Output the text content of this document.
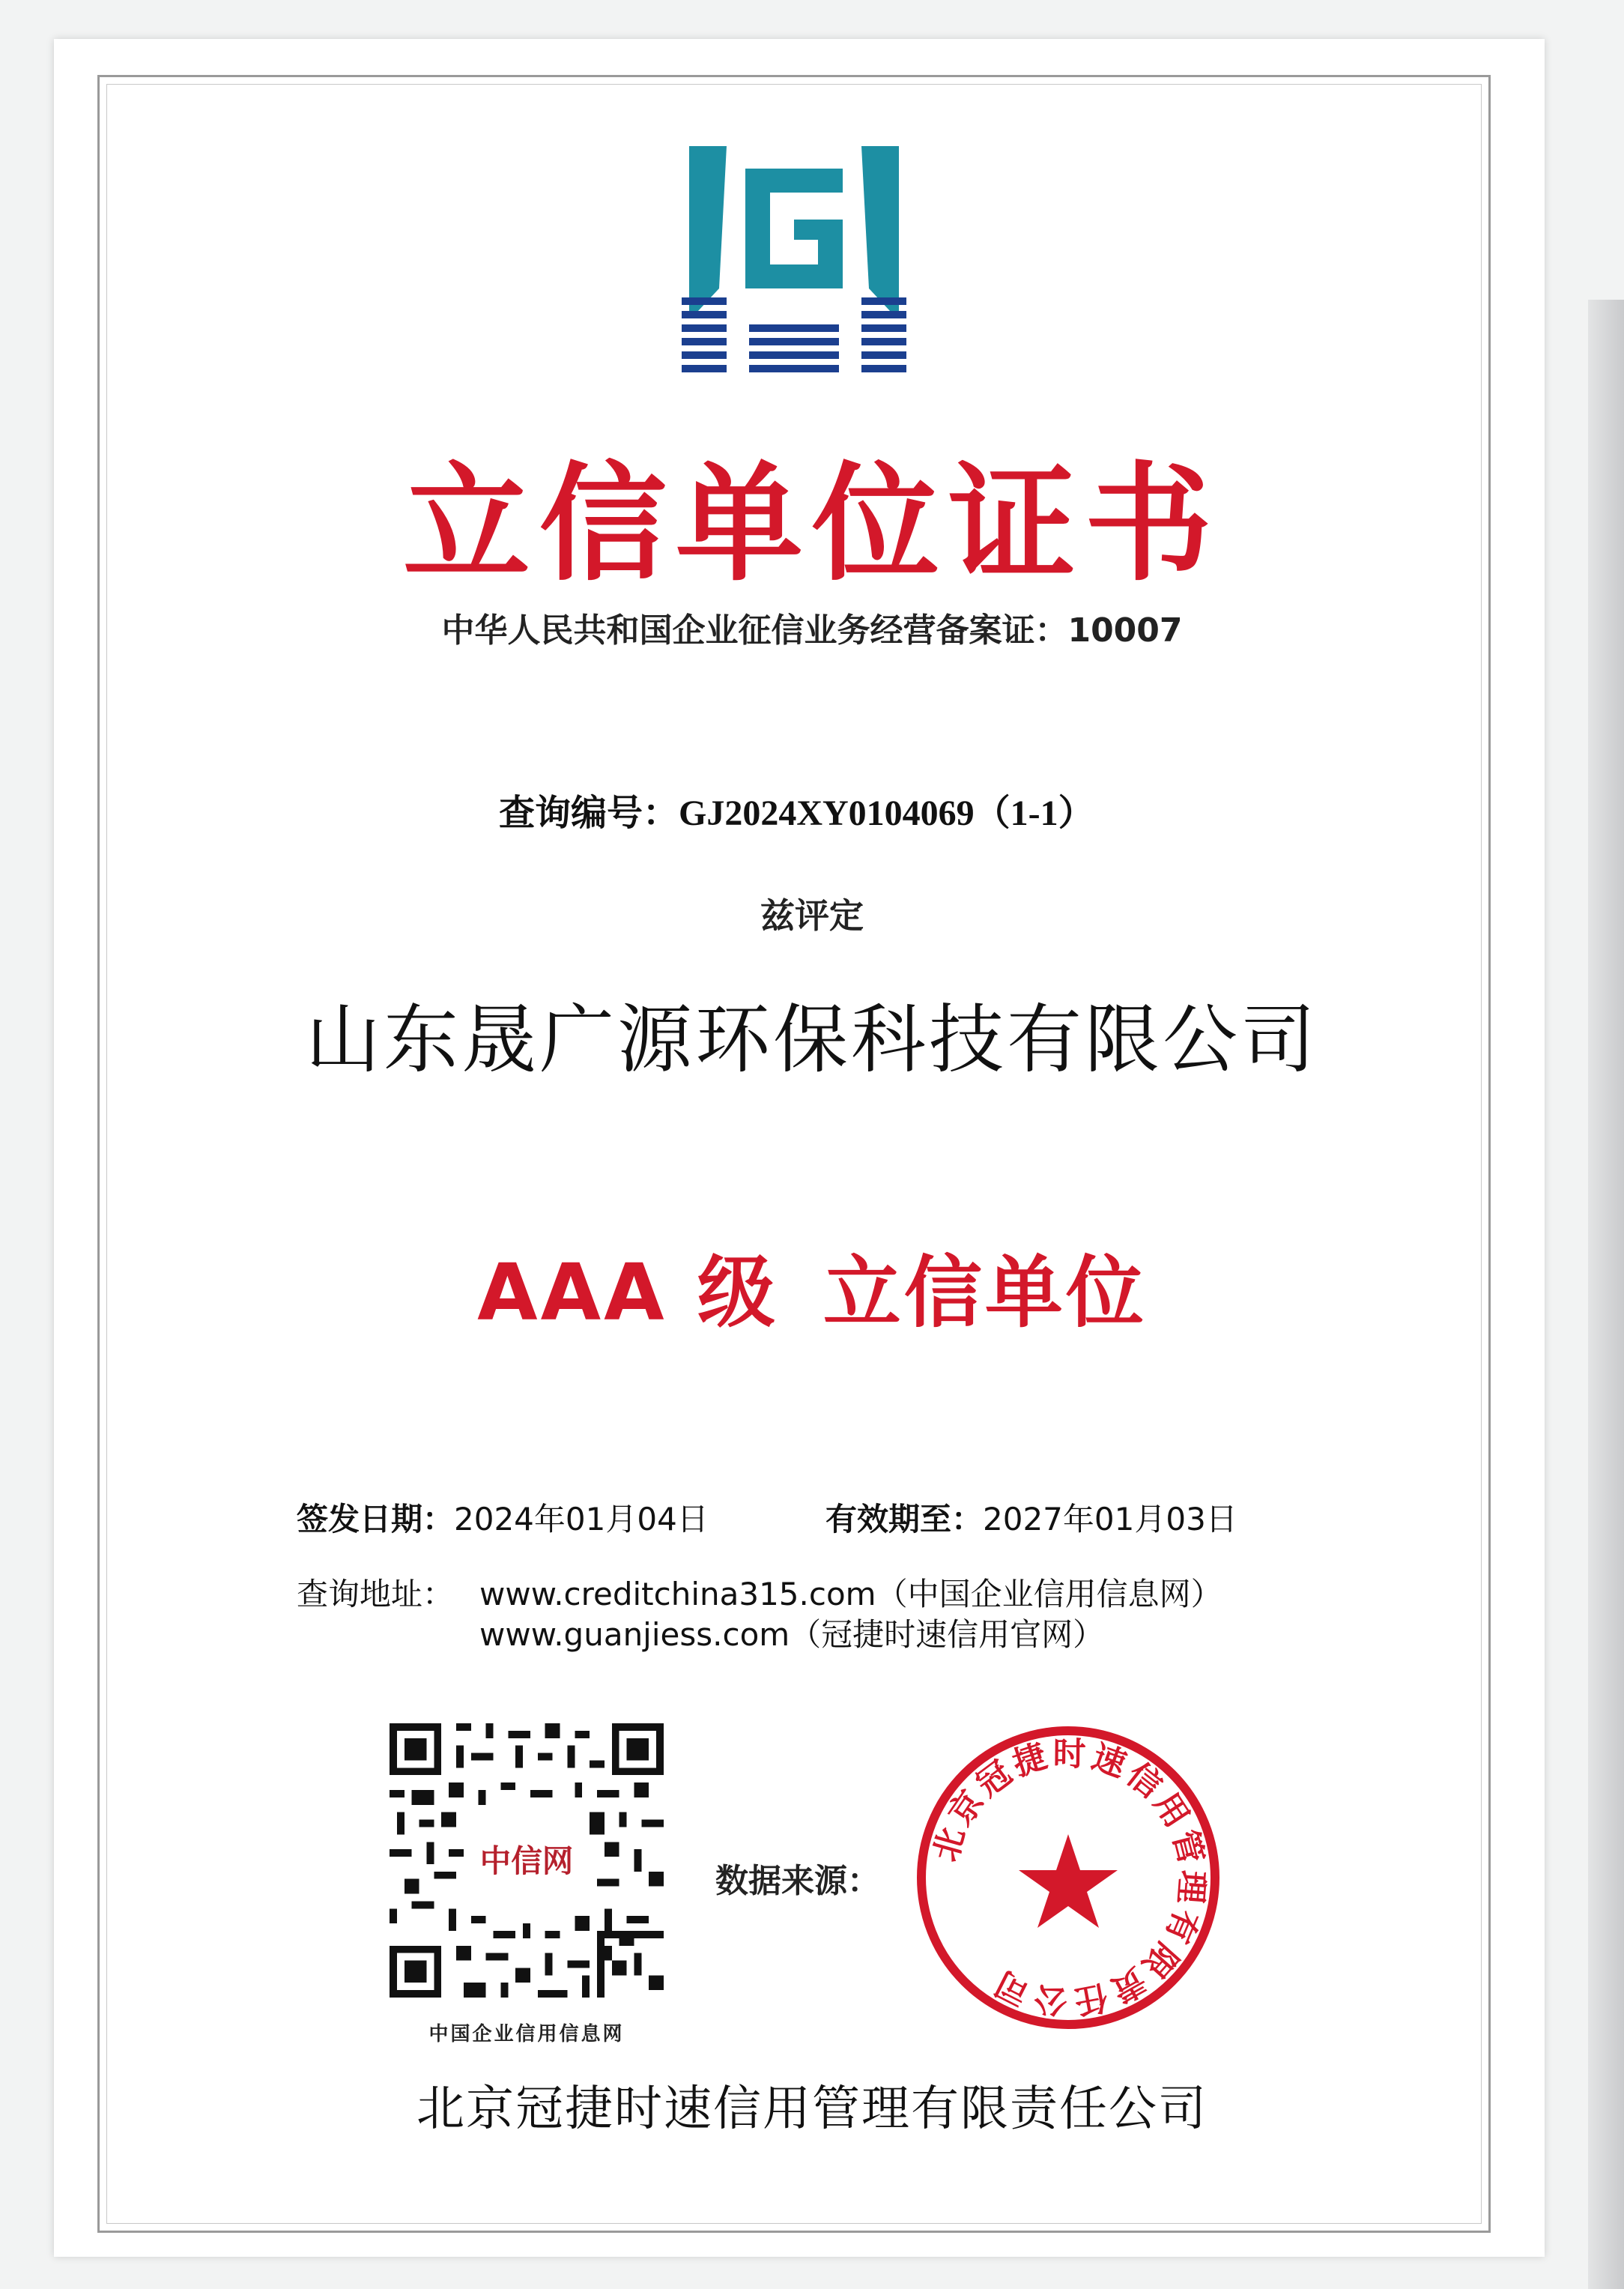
立信单位证书
中华人民共和国企业征信业务经营备案证：10007
查询编号：GJ2024XY0104069（1-1）
兹评定
山东晟广源环保科技有限公司
AAA 级 立信单位
签发日期：2024年01月04日	有效期至：2027年01月03日
查询地址： www.creditchina315.com（中国企业信用信息网）
www.guanjiess.com（冠捷时速信用官网）
中信网
中国企业信用信息网
数据来源：
北京冠捷时速信用管理有限责任公司
北京冠捷时速信用管理有限责任公司
